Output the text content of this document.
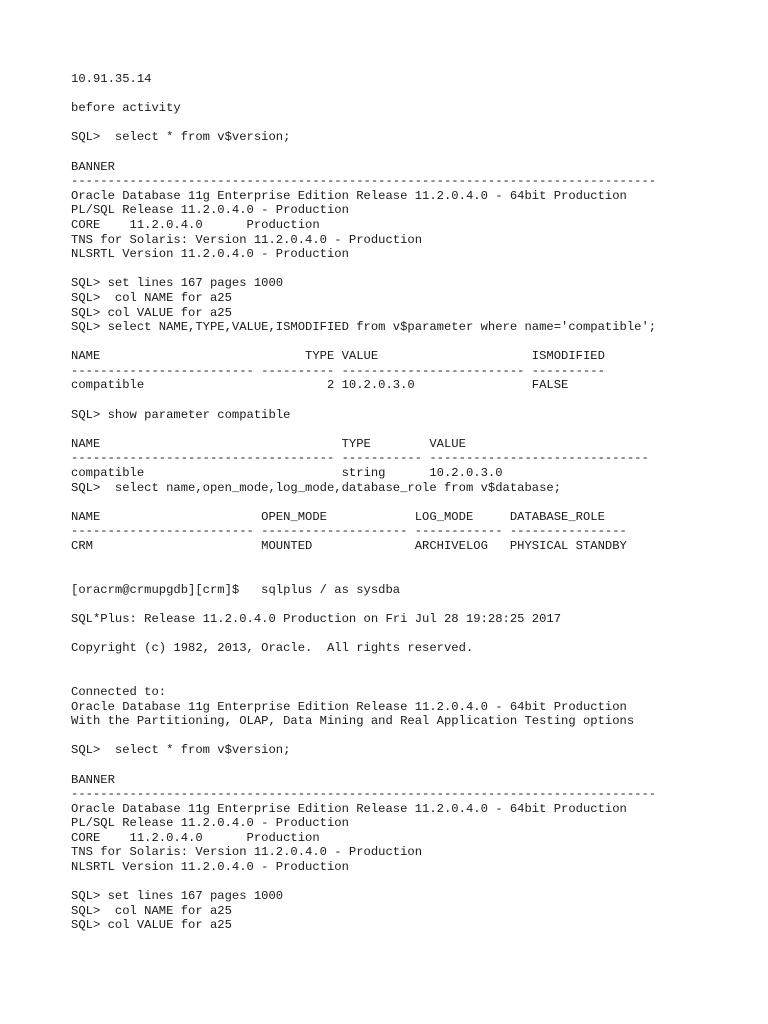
10.91.35.14
before activity
SQL>  select * from v$version;
BANNER
--------------------------------------------------------------------------------
Oracle Database 11g Enterprise Edition Release 11.2.0.4.0 - 64bit Production
PL/SQL Release 11.2.0.4.0 - Production
CORE    11.2.0.4.0      Production
TNS for Solaris: Version 11.2.0.4.0 - Production
NLSRTL Version 11.2.0.4.0 - Production
SQL> set lines 167 pages 1000
SQL>  col NAME for a25
SQL> col VALUE for a25
SQL> select NAME,TYPE,VALUE,ISMODIFIED from v$parameter where name='compatible';
NAME                            TYPE VALUE                     ISMODIFIED
------------------------- ---------- ------------------------- ----------
compatible                         2 10.2.0.3.0                FALSE
SQL> show parameter compatible
NAME                                 TYPE        VALUE
------------------------------------ ----------- ------------------------------
compatible                           string      10.2.0.3.0
SQL>  select name,open_mode,log_mode,database_role from v$database;
NAME                      OPEN_MODE            LOG_MODE     DATABASE_ROLE
------------------------- -------------------- ------------ ----------------
CRM                       MOUNTED              ARCHIVELOG   PHYSICAL STANDBY
[oracrm@crmupgdb][crm]$   sqlplus / as sysdba
SQL*Plus: Release 11.2.0.4.0 Production on Fri Jul 28 19:28:25 2017
Copyright (c) 1982, 2013, Oracle.  All rights reserved.
Connected to:
Oracle Database 11g Enterprise Edition Release 11.2.0.4.0 - 64bit Production
With the Partitioning, OLAP, Data Mining and Real Application Testing options
SQL>  select * from v$version;
BANNER
--------------------------------------------------------------------------------
Oracle Database 11g Enterprise Edition Release 11.2.0.4.0 - 64bit Production
PL/SQL Release 11.2.0.4.0 - Production
CORE    11.2.0.4.0      Production
TNS for Solaris: Version 11.2.0.4.0 - Production
NLSRTL Version 11.2.0.4.0 - Production
SQL> set lines 167 pages 1000
SQL>  col NAME for a25
SQL> col VALUE for a25
